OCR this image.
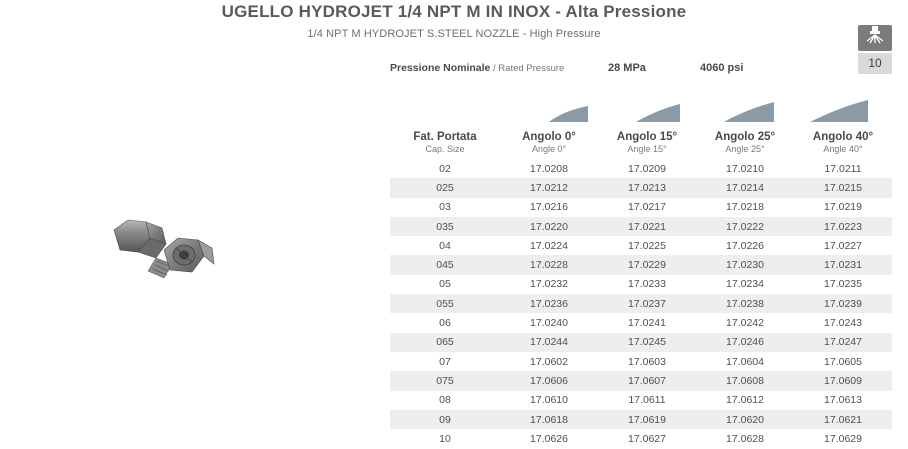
UGELLO HYDROJET 1/4 NPT M IN INOX - Alta Pressione
1/4 NPT M HYDROJET S.STEEL NOZZLE - High Pressure
10
Pressione Nominale / Rated Pressure	28 MPa	4060 psi

Fat. Portata	Angolo 0°	Angolo 15°	Angolo 25°	Angolo 40°
Cap. Size	Angle 0°	Angle 15°	Angle 25°	Angle 40°
02	17.0208	17.0209	17.0210	17.0211
025	17.0212	17.0213	17.0214	17.0215
03	17.0216	17.0217	17.0218	17.0219
035	17.0220	17.0221	17.0222	17.0223
04	17.0224	17.0225	17.0226	17.0227
045	17.0228	17.0229	17.0230	17.0231
05	17.0232	17.0233	17.0234	17.0235
055	17.0236	17.0237	17.0238	17.0239
06	17.0240	17.0241	17.0242	17.0243
065	17.0244	17.0245	17.0246	17.0247
07	17.0602	17.0603	17.0604	17.0605
075	17.0606	17.0607	17.0608	17.0609
08	17.0610	17.0611	17.0612	17.0613
09	17.0618	17.0619	17.0620	17.0621
10	17.0626	17.0627	17.0628	17.0629
